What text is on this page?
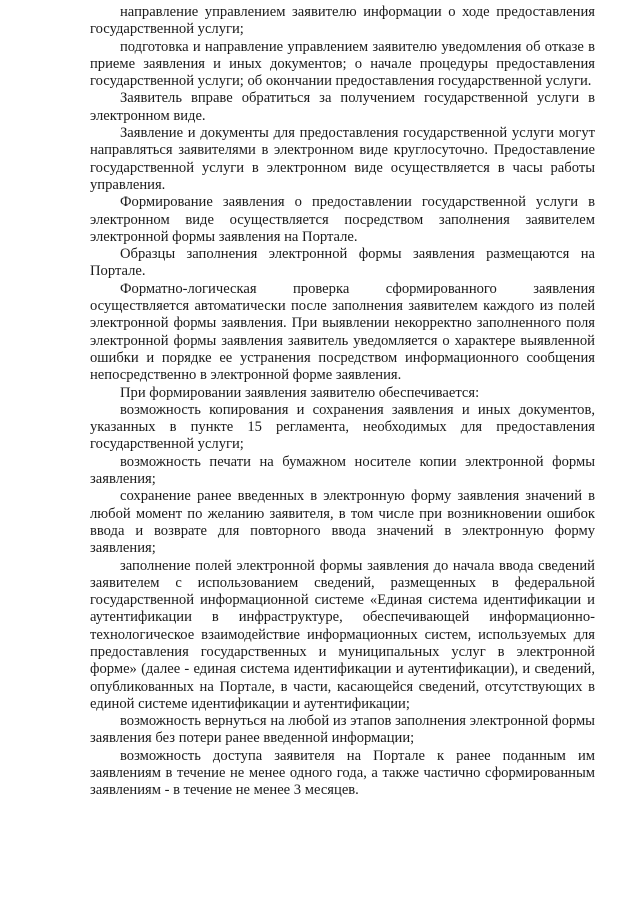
направление управлением заявителю информации о ходе предоставления государственной услуги;

подготовка и направление управлением заявителю уведомления об отказе в приеме заявления и иных документов; о начале процедуры предоставления государственной услуги; об окончании предоставления государственной услуги.

Заявитель вправе обратиться за получением государственной услуги в электронном виде.

Заявление и документы для предоставления государственной услуги могут направляться заявителями в электронном виде круглосуточно. Предоставление государственной услуги в электронном виде осуществляется в часы работы управления.

Формирование заявления о предоставлении государственной услуги в электронном виде осуществляется посредством заполнения заявителем электронной формы заявления на Портале.

Образцы заполнения электронной формы заявления размещаются на Портале.

Форматно-логическая проверка сформированного заявления осуществляется автоматически после заполнения заявителем каждого из полей электронной формы заявления. При выявлении некорректно заполненного поля электронной формы заявления заявитель уведомляется о характере выявленной ошибки и порядке ее устранения посредством информационного сообщения непосредственно в электронной форме заявления.

При формировании заявления заявителю обеспечивается:

возможность копирования и сохранения заявления и иных документов, указанных в пункте 15 регламента, необходимых для предоставления государственной услуги;

возможность печати на бумажном носителе копии электронной формы заявления;

сохранение ранее введенных в электронную форму заявления значений в любой момент по желанию заявителя, в том числе при возникновении ошибок ввода и возврате для повторного ввода значений в электронную форму заявления;

заполнение полей электронной формы заявления до начала ввода сведений заявителем с использованием сведений, размещенных в федеральной государственной информационной системе «Единая система идентификации и аутентификации в инфраструктуре, обеспечивающей информационно-технологическое взаимодействие информационных систем, используемых для предоставления государственных и муниципальных услуг в электронной форме» (далее - единая система идентификации и аутентификации), и сведений, опубликованных на Портале, в части, касающейся сведений, отсутствующих в единой системе идентификации и аутентификации;

возможность вернуться на любой из этапов заполнения электронной формы заявления без потери ранее введенной информации;

возможность доступа заявителя на Портале к ранее поданным им заявлениям в течение не менее одного года, а также частично сформированным заявлениям - в течение не менее 3 месяцев.
